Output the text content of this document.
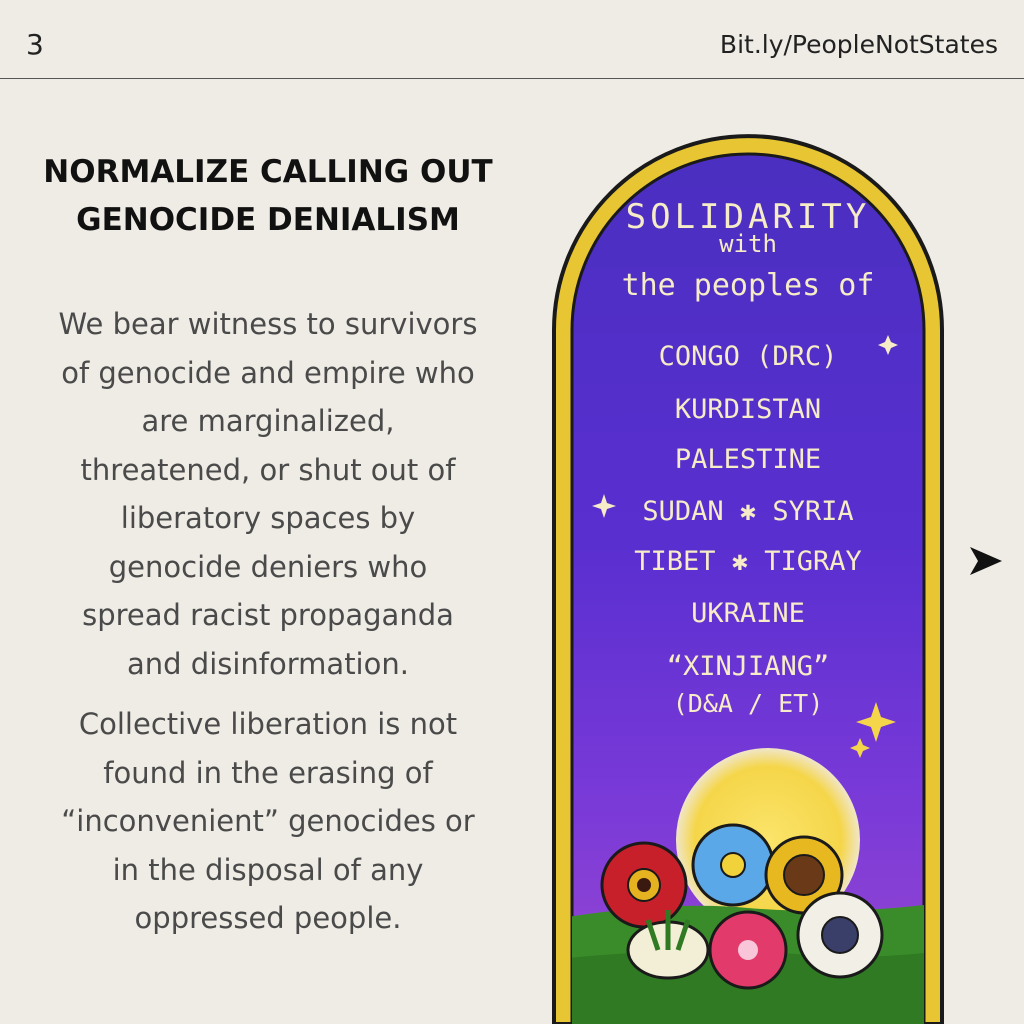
3	Bit.ly/PeopleNotStates
NORMALIZE CALLING OUT
GENOCIDE DENIALISM
We bear witness to survivors
of genocide and empire who
are marginalized,
threatened, or shut out of
liberatory spaces by
genocide deniers who
spread racist propaganda
and disinformation.
Collective liberation is not
found in the erasing of
“inconvenient” genocides or
in the disposal of any
oppressed people.
SOLIDARITY
with
the peoples of
CONGO (DRC)
KURDISTAN
PALESTINE
SUDAN ✱ SYRIA
TIBET ✱ TIGRAY
UKRAINE
“XINJIANG”
(D&A / ET)
